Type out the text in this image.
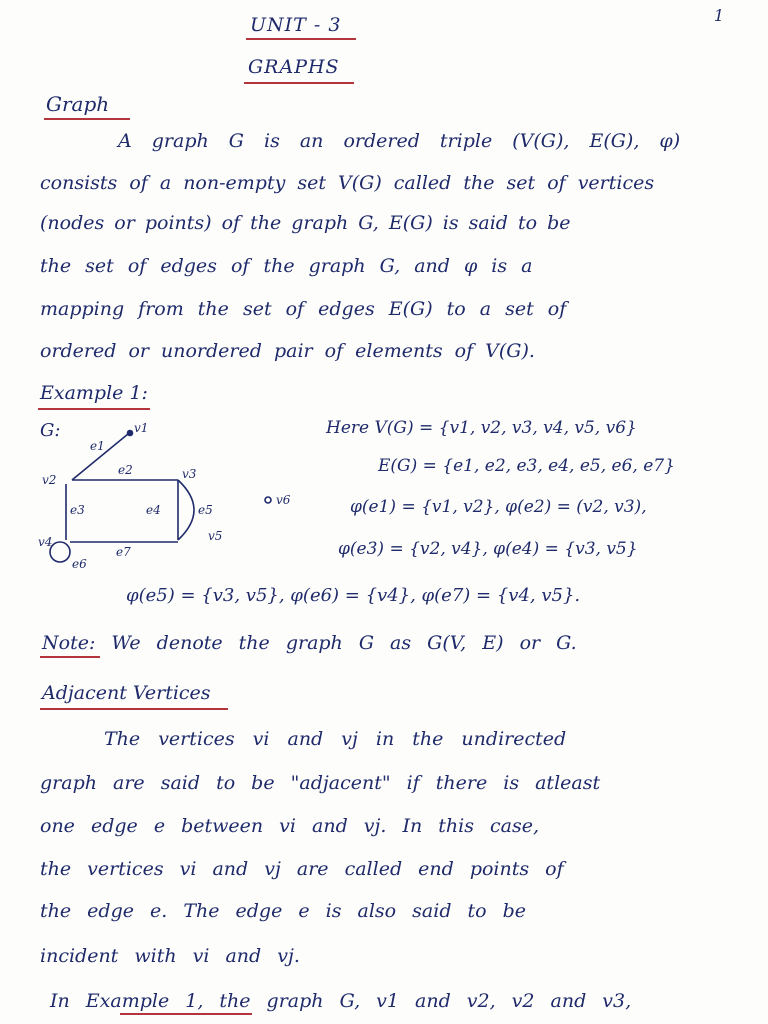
1
UNIT - 3
GRAPHS
Graph
A graph G is an ordered triple (V(G), E(G), φ)
consists of a non-empty set V(G) called the set of vertices
(nodes or points) of the graph G, E(G) is said to be
the set of edges of the graph G, and φ is a
mapping from the set of edges E(G) to a set of
ordered or unordered pair of elements of V(G).
Example 1:
G:	v1
v2	v3
v4	v5
v6
e1
e2
e3	e4	e5
e6
e7
Here V(G) = {v1, v2, v3, v4, v5, v6}
E(G) = {e1, e2, e3, e4, e5, e6, e7}
φ(e1) = {v1, v2}, φ(e2) = (v2, v3),
φ(e3) = {v2, v4}, φ(e4) = {v3, v5}
φ(e5) = {v3, v5}, φ(e6) = {v4}, φ(e7) = {v4, v5}.
Note: We denote the graph G as G(V, E) or G.
Adjacent Vertices
The vertices vi and vj in the undirected
graph are said to be "adjacent" if there is atleast
one edge e between vi and vj. In this case,
the vertices vi and vj are called end points of
the edge e. The edge e is also said to be
incident with vi and vj.
In Example 1, the graph G, v1 and v2, v2 and v3,
